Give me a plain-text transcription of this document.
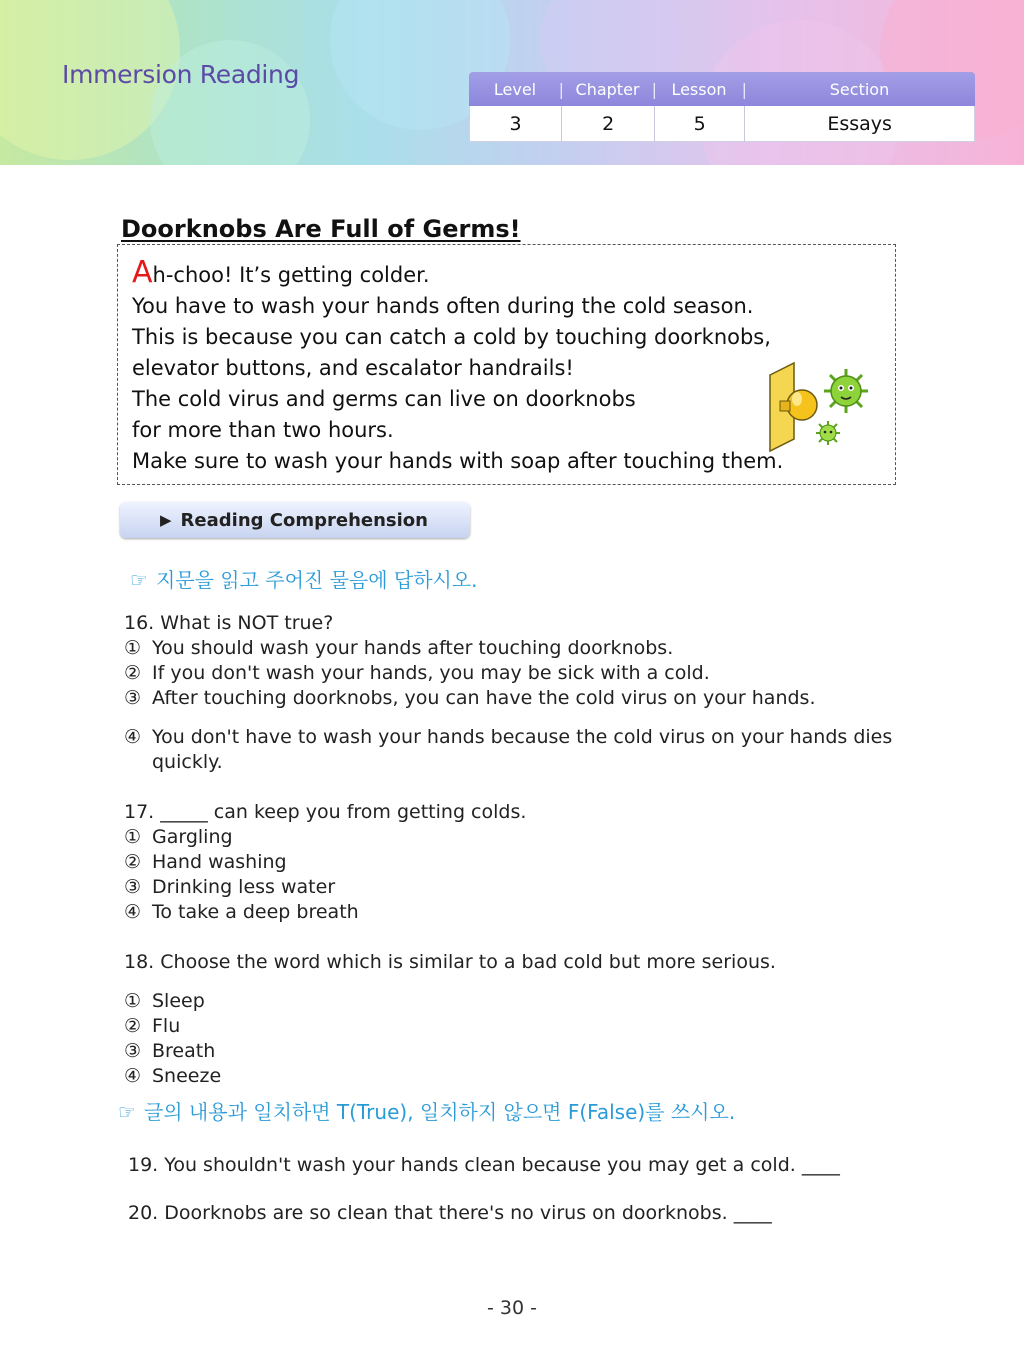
Immersion Reading	Level |	Chapter |	Lesson |	Section
3	2	5	Essays
Doorknobs Are Full of Germs!

Ah-choo! It’s getting colder.

You have to wash your hands often during the cold season.

This is because you can catch a cold by touching doorknobs,

elevator buttons, and escalator handrails!

The cold virus and germs can live on doorknobs

for more than two hours.

Make sure to wash your hands with soap after touching them.

▶ Reading Comprehension
☞ 지문을 읽고 주어진 물음에 답하시오.
16. What is NOT true?
① You should wash your hands after touching doorknobs.
② If you don't wash your hands, you may be sick with a cold.
③ After touching doorknobs, you can have the cold virus on your hands.
④ You don't have to wash your hands because the cold virus on your hands dies
quickly.
17. _____ can keep you from getting colds.
① Gargling
② Hand washing
③ Drinking less water
④ To take a deep breath
18. Choose the word which is similar to a bad cold but more serious.
① Sleep
② Flu
③ Breath
④ Sneeze
☞ 글의 내용과 일치하면 T(True), 일치하지 않으면 F(False)를 쓰시오.
19. You shouldn't wash your hands clean because you may get a cold. ____
20. Doorknobs are so clean that there's no virus on doorknobs. ____
- 30 -
